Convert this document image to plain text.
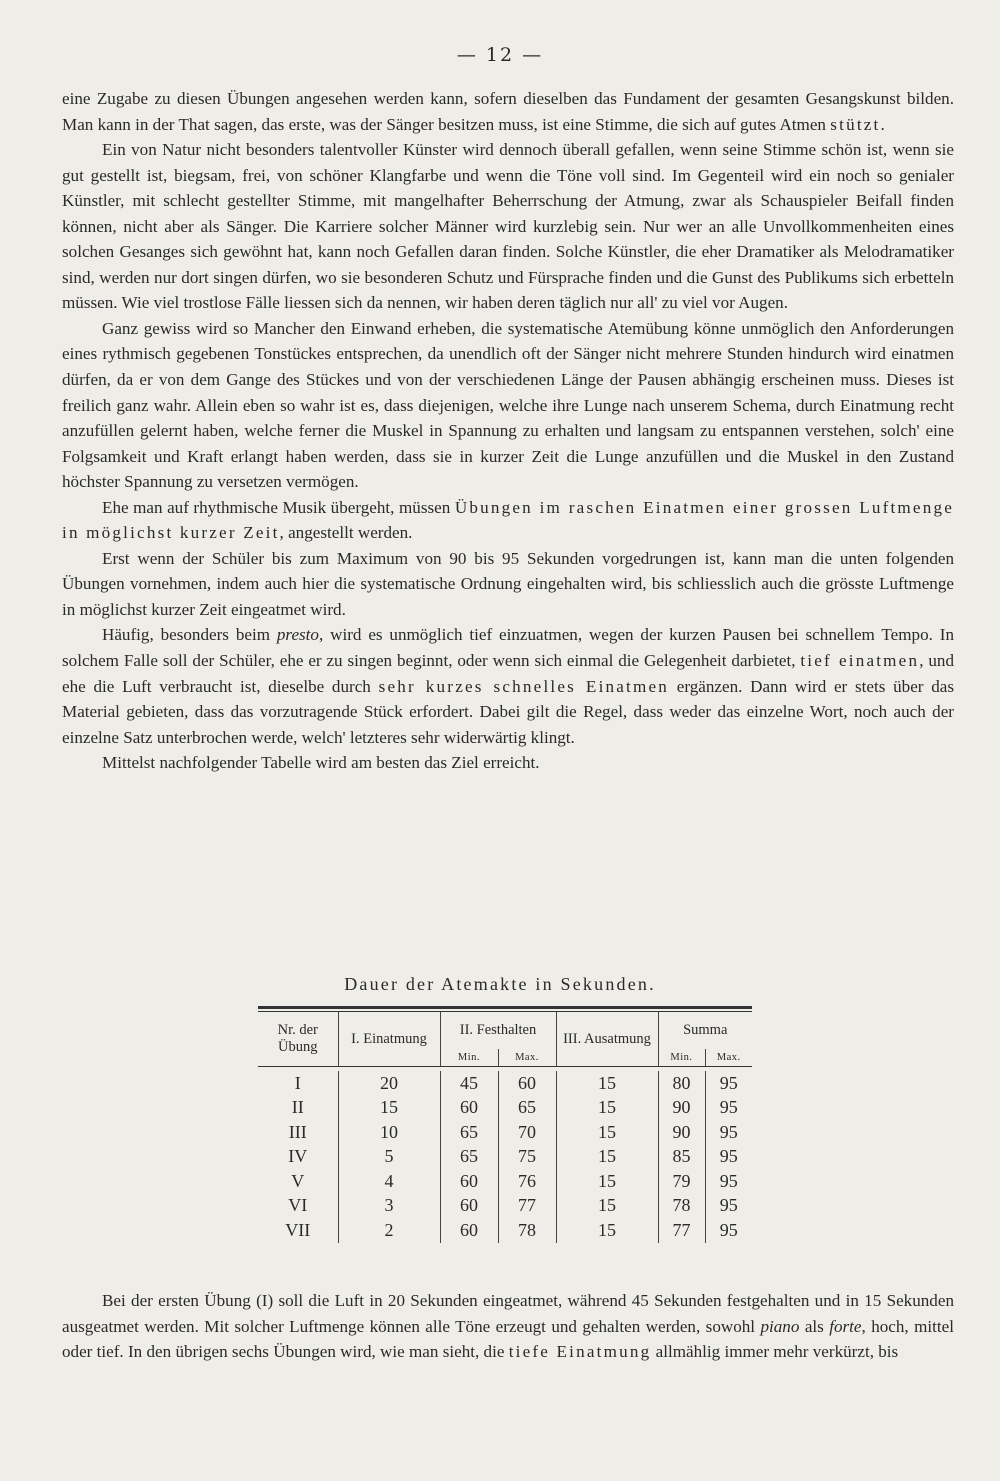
— 12 —

eine Zugabe zu diesen Übungen angesehen werden kann, sofern dieselben das Fundament der gesamten Gesangskunst bilden. Man kann in der That sagen, das erste, was der Sänger besitzen muss, ist eine Stimme, die sich auf gutes Atmen stützt.

Ein von Natur nicht besonders talentvoller Künster wird dennoch überall gefallen, wenn seine Stimme schön ist, wenn sie gut gestellt ist, biegsam, frei, von schöner Klangfarbe und wenn die Töne voll sind. Im Gegenteil wird ein noch so genialer Künstler, mit schlecht gestellter Stimme, mit mangelhafter Beherrschung der Atmung, zwar als Schauspieler Beifall finden können, nicht aber als Sänger. Die Karriere solcher Männer wird kurzlebig sein. Nur wer an alle Unvollkommenheiten eines solchen Gesanges sich gewöhnt hat, kann noch Gefallen daran finden. Solche Künstler, die eher Dramatiker als Melodramatiker sind, werden nur dort singen dürfen, wo sie besonderen Schutz und Fürsprache finden und die Gunst des Publikums sich erbetteln müssen. Wie viel trostlose Fälle liessen sich da nennen, wir haben deren täglich nur all' zu viel vor Augen.

Ganz gewiss wird so Mancher den Einwand erheben, die systematische Atemübung könne unmöglich den Anforderungen eines rythmisch gegebenen Tonstückes entsprechen, da unendlich oft der Sänger nicht mehrere Stunden hindurch wird einatmen dürfen, da er von dem Gange des Stückes und von der verschiedenen Länge der Pausen abhängig erscheinen muss. Dieses ist freilich ganz wahr. Allein eben so wahr ist es, dass diejenigen, welche ihre Lunge nach unserem Schema, durch Einatmung recht anzufüllen gelernt haben, welche ferner die Muskel in Spannung zu erhalten und langsam zu entspannen verstehen, solch' eine Folgsamkeit und Kraft erlangt haben werden, dass sie in kurzer Zeit die Lunge anzufüllen und die Muskel in den Zustand höchster Spannung zu versetzen vermögen.

Ehe man auf rhythmische Musik übergeht, müssen Übungen im raschen Einatmen einer grossen Luftmenge in möglichst kurzer Zeit, angestellt werden.

Erst wenn der Schüler bis zum Maximum von 90 bis 95 Sekunden vorgedrungen ist, kann man die unten folgenden Übungen vornehmen, indem auch hier die systematische Ordnung eingehalten wird, bis schliesslich auch die grösste Luftmenge in möglichst kurzer Zeit eingeatmet wird.

Häufig, besonders beim presto, wird es unmöglich tief einzuatmen, wegen der kurzen Pausen bei schnellem Tempo. In solchem Falle soll der Schüler, ehe er zu singen beginnt, oder wenn sich einmal die Gelegenheit darbietet, tief einatmen, und ehe die Luft verbraucht ist, dieselbe durch sehr kurzes schnelles Einatmen ergänzen. Dann wird er stets über das Material gebieten, dass das vorzutragende Stück erfordert. Dabei gilt die Regel, dass weder das einzelne Wort, noch auch der einzelne Satz unterbrochen werde, welch' letzteres sehr widerwärtig klingt.

Mittelst nachfolgender Tabelle wird am besten das Ziel erreicht.

Dauer der Atemakte in Sekunden.
Nr. der Übung	I. Einatmung	II. Festhalten		III. Ausatmung	Summa	
		Min.	Max.		Min.	Max.

I	20	45	60	15	80	95
II	15	60	65	15	90	95
III	10	65	70	15	90	95
IV	5	65	75	15	85	95
V	4	60	76	15	79	95
VI	3	60	77	15	78	95
VII	2	60	78	15	77	95

Bei der ersten Übung (I) soll die Luft in 20 Sekunden eingeatmet, während 45 Sekunden festgehalten und in 15 Sekunden ausgeatmet werden. Mit solcher Luftmenge können alle Töne erzeugt und gehalten werden, sowohl piano als forte, hoch, mittel oder tief. In den übrigen sechs Übungen wird, wie man sieht, die tiefe Einatmung allmählig immer mehr verkürzt, bis
